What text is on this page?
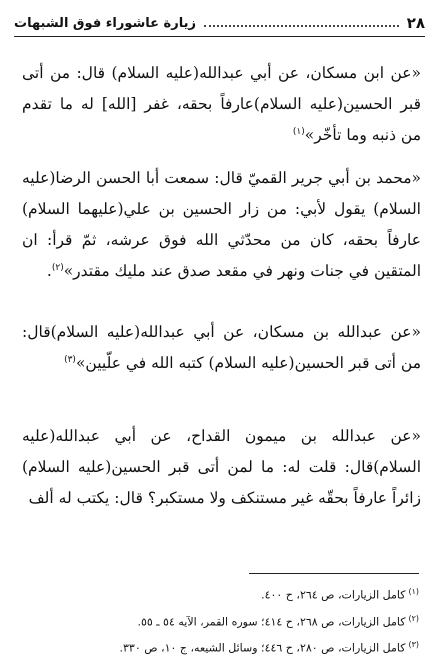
٢٨
زيارة عاشوراء فوق الشبهات

«عن ابن مسكان، عن أبي عبدالله(عليه السلام) قال: من أتى قبر الحسين(عليه السلام)عارفاً بحقه، غفر [الله] له ما تقدم من ذنبه وما تأخّر»$^{(١)}$

«محمد بن أبي جرير القميّ قال: سمعت أبا الحسن الرضا(عليه السلام) يقول لأبي: من زار الحسين بن علي(عليهما السلام) عارفاً بحقه، كان من محدّثي الله فوق عرشه، ثمّ قرأ: ان المتقين في جنات ونهر في مقعد صدق عند مليك مقتدر»$^{(٢)}$.

«عن عبدالله بن مسكان، عن أبي عبدالله(عليه السلام)قال: من أتى قبر الحسين(عليه السلام) كتبه الله في علّيين»$^{(٣)}$

«عن عبدالله بن ميمون القداح، عن أبي عبدالله(عليه السلام)قال: قلت له: ما لمن أتى قبر الحسين(عليه السلام) زائراً عارفاً بحقّه غير مستنكف ولا مستكبر؟ قال: يكتب له ألف

$^{(١)}$كامل الزيارات، ص ٢٦٤، ح ٤٠٠.
$^{(٢)}$كامل الزيارات، ص ٢٦٨، ح ٤١٤؛ سوره القمر، الآيه ٥٤ ـ ٥٥.
$^{(٣)}$كامل الزيارات، ص ٢٨٠، ح ٤٤٦؛ وسائل الشيعه، ج ١٠، ص ٣٣٠.
